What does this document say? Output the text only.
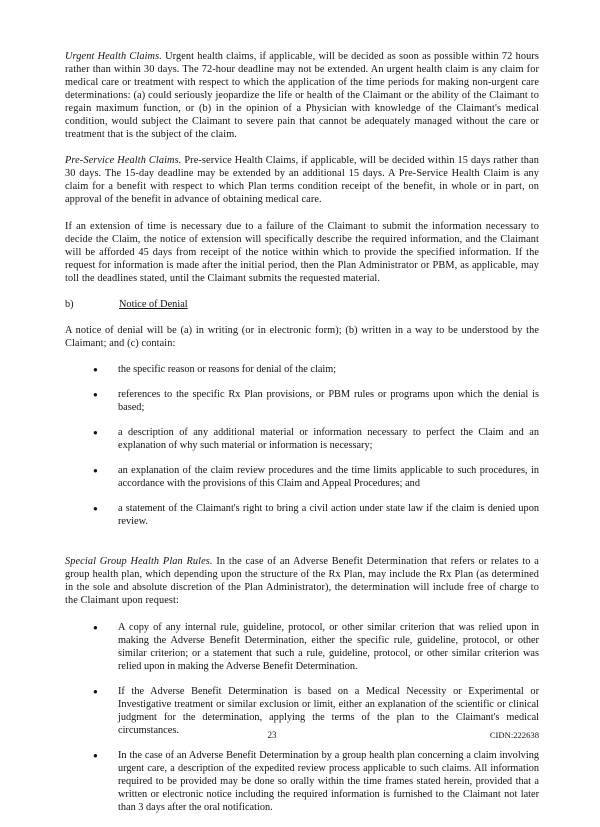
Urgent Health Claims. Urgent health claims, if applicable, will be decided as soon as possible within 72 hours rather than within 30 days. The 72-hour deadline may not be extended. An urgent health claim is any claim for medical care or treatment with respect to which the application of the time periods for making non-urgent care determinations: (a) could seriously jeopardize the life or health of the Claimant or the ability of the Claimant to regain maximum function, or (b) in the opinion of a Physician with knowledge of the Claimant's medical condition, would subject the Claimant to severe pain that cannot be adequately managed without the care or treatment that is the subject of the claim.

Pre-Service Health Claims. Pre-service Health Claims, if applicable, will be decided within 15 days rather than 30 days. The 15-day deadline may be extended by an additional 15 days. A Pre-Service Health Claim is any claim for a benefit with respect to which Plan terms condition receipt of the benefit, in whole or in part, on approval of the benefit in advance of obtaining medical care.

If an extension of time is necessary due to a failure of the Claimant to submit the information necessary to decide the Claim, the notice of extension will specifically describe the required information, and the Claimant will be afforded 45 days from receipt of the notice within which to provide the specified information. If the request for information is made after the initial period, then the Plan Administrator or PBM, as applicable, may toll the deadlines stated, until the Claimant submits the requested material.

b)	Notice of Denial

A notice of denial will be (a) in writing (or in electronic form); (b) written in a way to be understood by the Claimant; and (c) contain:

● the specific reason or reasons for denial of the claim;
● references to the specific Rx Plan provisions, or PBM rules or programs upon which the denial is based;
● a description of any additional material or information necessary to perfect the Claim and an explanation of why such material or information is necessary;
● an explanation of the claim review procedures and the time limits applicable to such procedures, in accordance with the provisions of this Claim and Appeal Procedures; and
● a statement of the Claimant's right to bring a civil action under state law if the claim is denied upon review.

Special Group Health Plan Rules. In the case of an Adverse Benefit Determination that refers or relates to a group health plan, which depending upon the structure of the Rx Plan, may include the Rx Plan (as determined in the sole and absolute discretion of the Plan Administrator), the determination will include free of charge to the Claimant upon request:

● A copy of any internal rule, guideline, protocol, or other similar criterion that was relied upon in making the Adverse Benefit Determination, either the specific rule, guideline, protocol, or other similar criterion; or a statement that such a rule, guideline, protocol, or other similar criterion was relied upon in making the Adverse Benefit Determination.
● If the Adverse Benefit Determination is based on a Medical Necessity or Experimental or Investigative treatment or similar exclusion or limit, either an explanation of the scientific or clinical judgment for the determination, applying the terms of the plan to the Claimant's medical circumstances.
● In the case of an Adverse Benefit Determination by a group health plan concerning a claim involving urgent care, a description of the expedited review process applicable to such claims. All information required to be provided may be done so orally within the time frames stated herein, provided that a written or electronic notice including the required information is furnished to the Claimant not later than 3 days after the oral notification.
23	CIDN:222638
